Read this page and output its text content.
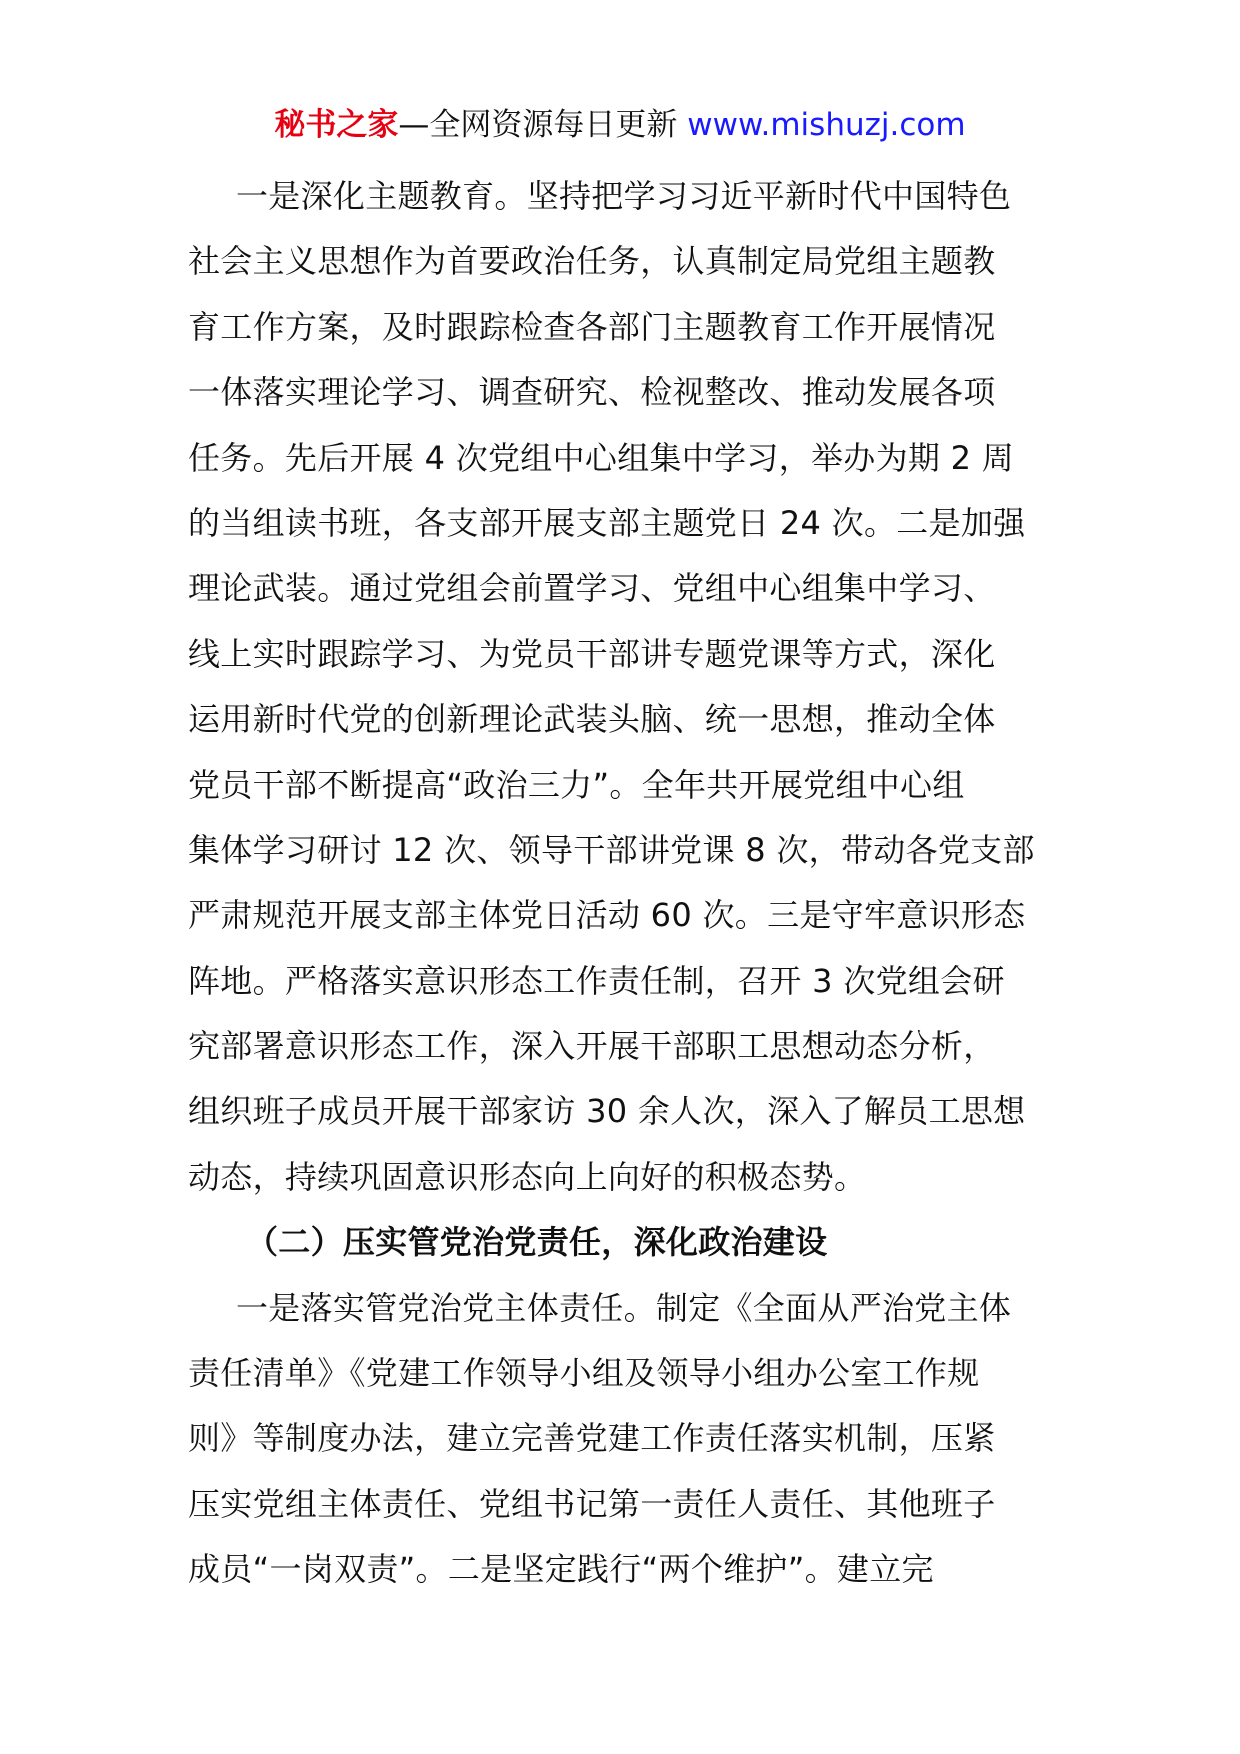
秘书之家—全网资源每日更新 www.mishuzj.com
一是深化主题教育。坚持把学习习近平新时代中国特色
社会主义思想作为首要政治任务，认真制定局党组主题教
育工作方案，及时跟踪检查各部门主题教育工作开展情况
一体落实理论学习、调查研究、检视整改、推动发展各项
任务。先后开展 4 次党组中心组集中学习，举办为期 2 周
的当组读书班，各支部开展支部主题党日 24 次。二是加强
理论武装。通过党组会前置学习、党组中心组集中学习、
线上实时跟踪学习、为党员干部讲专题党课等方式，深化
运用新时代党的创新理论武装头脑、统一思想，推动全体
党员干部不断提高“政治三力”。全年共开展党组中心组
集体学习研讨 12 次、领导干部讲党课 8 次，带动各党支部
严肃规范开展支部主体党日活动 60 次。三是守牢意识形态
阵地。严格落实意识形态工作责任制，召开 3 次党组会研
究部署意识形态工作，深入开展干部职工思想动态分析，
组织班子成员开展干部家访 30 余人次，深入了解员工思想
动态，持续巩固意识形态向上向好的积极态势。
（二）压实管党治党责任，深化政治建设
一是落实管党治党主体责任。制定《全面从严治党主体
责任清单》《党建工作领导小组及领导小组办公室工作规
则》等制度办法，建立完善党建工作责任落实机制，压紧
压实党组主体责任、党组书记第一责任人责任、其他班子
成员“一岗双责”。二是坚定践行“两个维护”。建立完
